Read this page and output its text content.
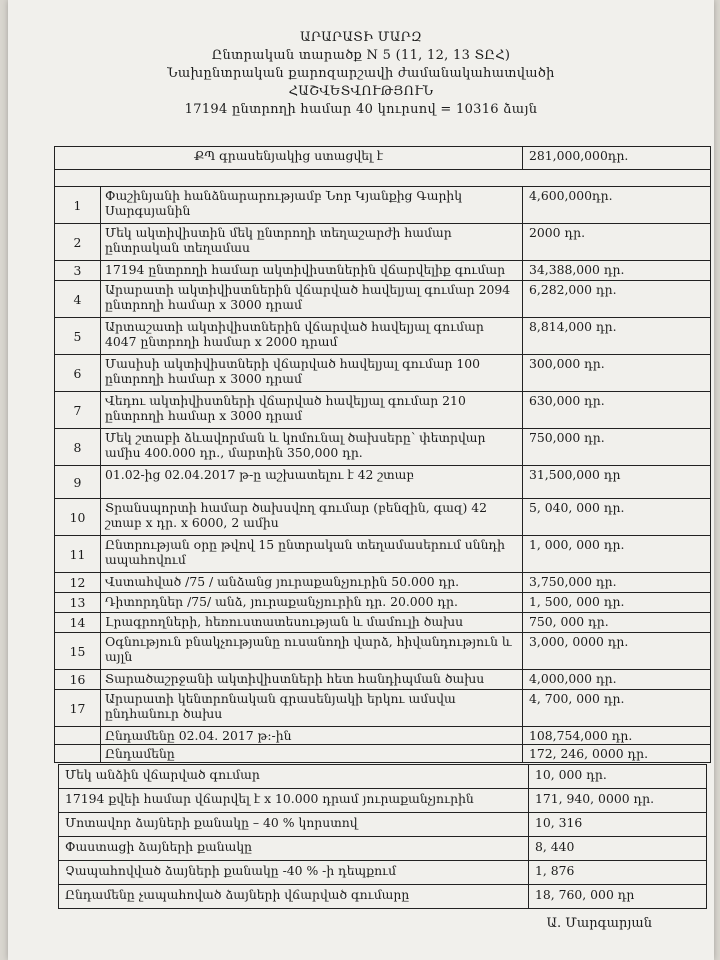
ԱՐԱՐԱՏԻ ՄԱՐԶ
Ընտրական տարածք N 5 (11, 12, 13 ՏԸՀ)
Նախընտրական քարոզարշավի ժամանակահատվածի
ՀԱՇՎԵՏՎՈՒԹՅՈՒՆ
17194 ընտրողի համար 40 կուրսով = 10316 ձայն
ՔՊ գրասենյակից ստացվել է		281,000,000դր.

1	Փաշինյանի հանձնարարությամբ Նոր Կյանքից Գարիկ Սարգսյանին	4,600,000դր.
2	Մեկ ակտիվիստին մեկ ընտրողի տեղաշարժի համար ընտրական տեղամաս	2000 դր.
3	17194 ընտրողի համար ակտիվիստներին վճարվելիք գումար	34,388,000 դր.
4	Արարատի ակտիվիստներին վճարված հավելյալ գումար 2094 ընտրողի համար x 3000 դրամ	6,282,000 դր.
5	Արտաշատի ակտիվիստներին վճարված հավելյալ գումար 4047 ընտրողի համար x 2000 դրամ	8,814,000 դր.
6	Մասիսի ակտիվիստների վճարված հավելյալ գումար 100 ընտրողի համար x 3000 դրամ	300,000 դր.
7	Վեդու ակտիվիստների վճարված հավելյալ գումար 210 ընտրողի համար x 3000 դրամ	630,000 դր.
8	Մեկ շտաբի ձևավորման և կոմունալ ծախսերը՝ փետրվար ամիս 400.000 դր., մարտին 350,000 դր.	750,000 դր.
9	01.02-ից 02.04.2017 թ-ը աշխատելու է 42 շտաբ	31,500,000 դր
10	Տրանսպորտի համար ծախսվող գումար (բենզին, գազ) 42 շտաբ x դր. x 6000, 2 ամիս	5, 040, 000 դր.
11	Ընտրության օրը թվով 15 ընտրական տեղամասերում սննդի ապահովում	1, 000, 000 դր.
12	Վստահված /75 / անձանց յուրաքանչյուրին 50.000 դր.	3,750,000 դր.
13	Դիտորդներ /75/ անձ, յուրաքանչյուրին դր. 20.000 դր.	1, 500, 000 դր.
14	Լրագրողների, հեռուստատեսության և մամուլի ծախս	750, 000 դր.
15	Օգնություն բնակչությանը ուսանողի վարձ, հիվանդություն և այլն	3,000, 0000 դր.
16	Տարածաշրջանի ակտիվիստների հետ հանդիպման ծախս	4,000,000 դր.
17	Արարատի կենտրոնական գրասենյակի երկու ամսվա ընդհանուր ծախս	4, 700, 000 դր.
	Ընդամենը 02.04. 2017 թ:-ին	108,754,000 դր.
	Ընդամենը	172, 246, 0000 դր.
Մեկ անձին վճարված գումար	10, 000 դր.
17194 քվեի համար վճարվել է x 10.000 դրամ յուրաքանչյուրին	171, 940, 0000 դր.
Մոտավոր ձայների քանակը – 40 % կորստով	10, 316
Փաստացի ձայների քանակը	8, 440
Չապահովված ձայների քանակը -40 % -ի դեպքում	1, 876
Ընդամենը չապահոված ձայների վճարված գումարը	18, 760, 000 դր
Ա. Մարգարյան
